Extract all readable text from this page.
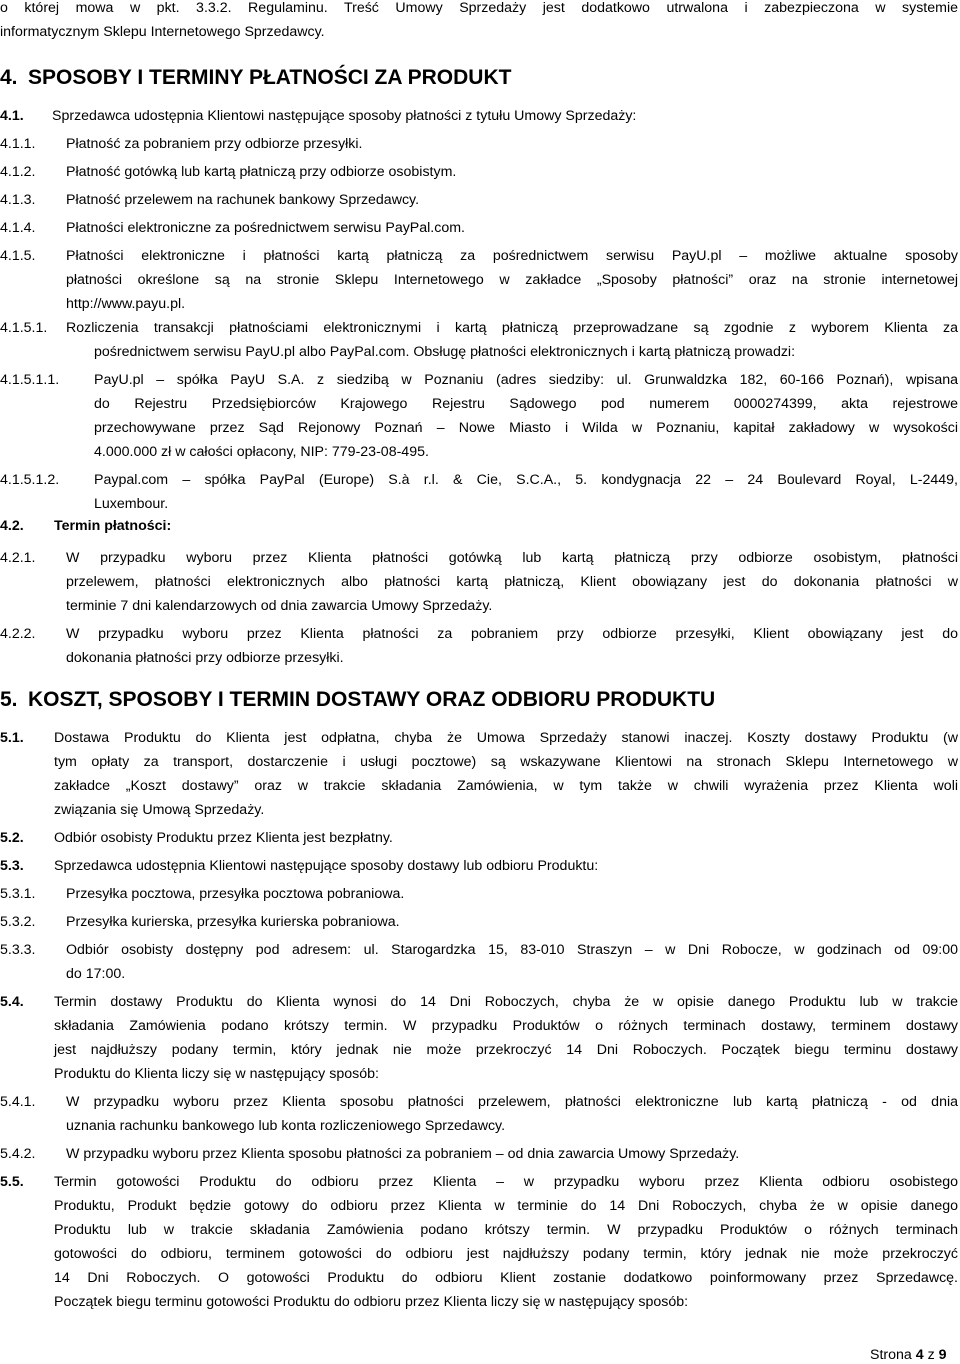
o której mowa w pkt. 3.3.2. Regulaminu. Treść Umowy Sprzedaży jest dodatkowo utrwalona i zabezpieczona w systemie
informatycznym Sklepu Internetowego Sprzedawcy.
4. SPOSOBY I TERMINY PŁATNOŚCI ZA PRODUKT
4.1. Sprzedawca udostępnia Klientowi następujące sposoby płatności z tytułu Umowy Sprzedaży:
4.1.1. Płatność za pobraniem przy odbiorze przesyłki.
4.1.2. Płatność gotówką lub kartą płatniczą przy odbiorze osobistym.
4.1.3. Płatność przelewem na rachunek bankowy Sprzedawcy.
4.1.4. Płatności elektroniczne za pośrednictwem serwisu PayPal.com.
4.1.5. Płatności elektroniczne i płatności kartą płatniczą za pośrednictwem serwisu PayU.pl – możliwe aktualne sposoby
płatności określone są na stronie Sklepu Internetowego w zakładce „Sposoby płatności” oraz na stronie internetowej
http://www.payu.pl.
4.1.5.1. Rozliczenia transakcji płatnościami elektronicznymi i kartą płatniczą przeprowadzane są zgodnie z wyborem Klienta za
pośrednictwem serwisu PayU.pl albo PayPal.com. Obsługę płatności elektronicznych i kartą płatniczą prowadzi:
4.1.5.1.1. PayU.pl – spółka PayU S.A. z siedzibą w Poznaniu (adres siedziby: ul. Grunwaldzka 182, 60-166 Poznań), wpisana
do Rejestru Przedsiębiorców Krajowego Rejestru Sądowego pod numerem 0000274399, akta rejestrowe
przechowywane przez Sąd Rejonowy Poznań – Nowe Miasto i Wilda w Poznaniu, kapitał zakładowy w wysokości
4.000.000 zł w całości opłacony, NIP: 779-23-08-495.
4.1.5.1.2. Paypal.com – spółka PayPal (Europe) S.à r.l. & Cie, S.C.A., 5. kondygnacja 22 – 24 Boulevard Royal, L-2449,
Luxembour.
4.2. Termin płatności:
4.2.1. W przypadku wyboru przez Klienta płatności gotówką lub kartą płatniczą przy odbiorze osobistym, płatności
przelewem, płatności elektronicznych albo płatności kartą płatniczą, Klient obowiązany jest do dokonania płatności w
terminie 7 dni kalendarzowych od dnia zawarcia Umowy Sprzedaży.
4.2.2. W przypadku wyboru przez Klienta płatności za pobraniem przy odbiorze przesyłki, Klient obowiązany jest do
dokonania płatności przy odbiorze przesyłki.
5. KOSZT, SPOSOBY I TERMIN DOSTAWY ORAZ ODBIORU PRODUKTU
5.1. Dostawa Produktu do Klienta jest odpłatna, chyba że Umowa Sprzedaży stanowi inaczej. Koszty dostawy Produktu (w
tym opłaty za transport, dostarczenie i usługi pocztowe) są wskazywane Klientowi na stronach Sklepu Internetowego w
zakładce „Koszt dostawy” oraz w trakcie składania Zamówienia, w tym także w chwili wyrażenia przez Klienta woli
związania się Umową Sprzedaży.
5.2. Odbiór osobisty Produktu przez Klienta jest bezpłatny.
5.3. Sprzedawca udostępnia Klientowi następujące sposoby dostawy lub odbioru Produktu:
5.3.1. Przesyłka pocztowa, przesyłka pocztowa pobraniowa.
5.3.2. Przesyłka kurierska, przesyłka kurierska pobraniowa.
5.3.3. Odbiór osobisty dostępny pod adresem: ul. Starogardzka 15, 83-010 Straszyn – w Dni Robocze, w godzinach od 09:00
do 17:00.
5.4. Termin dostawy Produktu do Klienta wynosi do 14 Dni Roboczych, chyba że w opisie danego Produktu lub w trakcie
składania Zamówienia podano krótszy termin. W przypadku Produktów o różnych terminach dostawy, terminem dostawy
jest najdłuższy podany termin, który jednak nie może przekroczyć 14 Dni Roboczych. Początek biegu terminu dostawy
Produktu do Klienta liczy się w następujący sposób:
5.4.1. W przypadku wyboru przez Klienta sposobu płatności przelewem, płatności elektroniczne lub kartą płatniczą - od dnia
uznania rachunku bankowego lub konta rozliczeniowego Sprzedawcy.
5.4.2. W przypadku wyboru przez Klienta sposobu płatności za pobraniem – od dnia zawarcia Umowy Sprzedaży.
5.5. Termin gotowości Produktu do odbioru przez Klienta – w przypadku wyboru przez Klienta odbioru osobistego
Produktu, Produkt będzie gotowy do odbioru przez Klienta w terminie do 14 Dni Roboczych, chyba że w opisie danego
Produktu lub w trakcie składania Zamówienia podano krótszy termin. W przypadku Produktów o różnych terminach
gotowości do odbioru, terminem gotowości do odbioru jest najdłuższy podany termin, który jednak nie może przekroczyć
14 Dni Roboczych. O gotowości Produktu do odbioru Klient zostanie dodatkowo poinformowany przez Sprzedawcę.
Początek biegu terminu gotowości Produktu do odbioru przez Klienta liczy się w następujący sposób:
Strona 4 z 9
